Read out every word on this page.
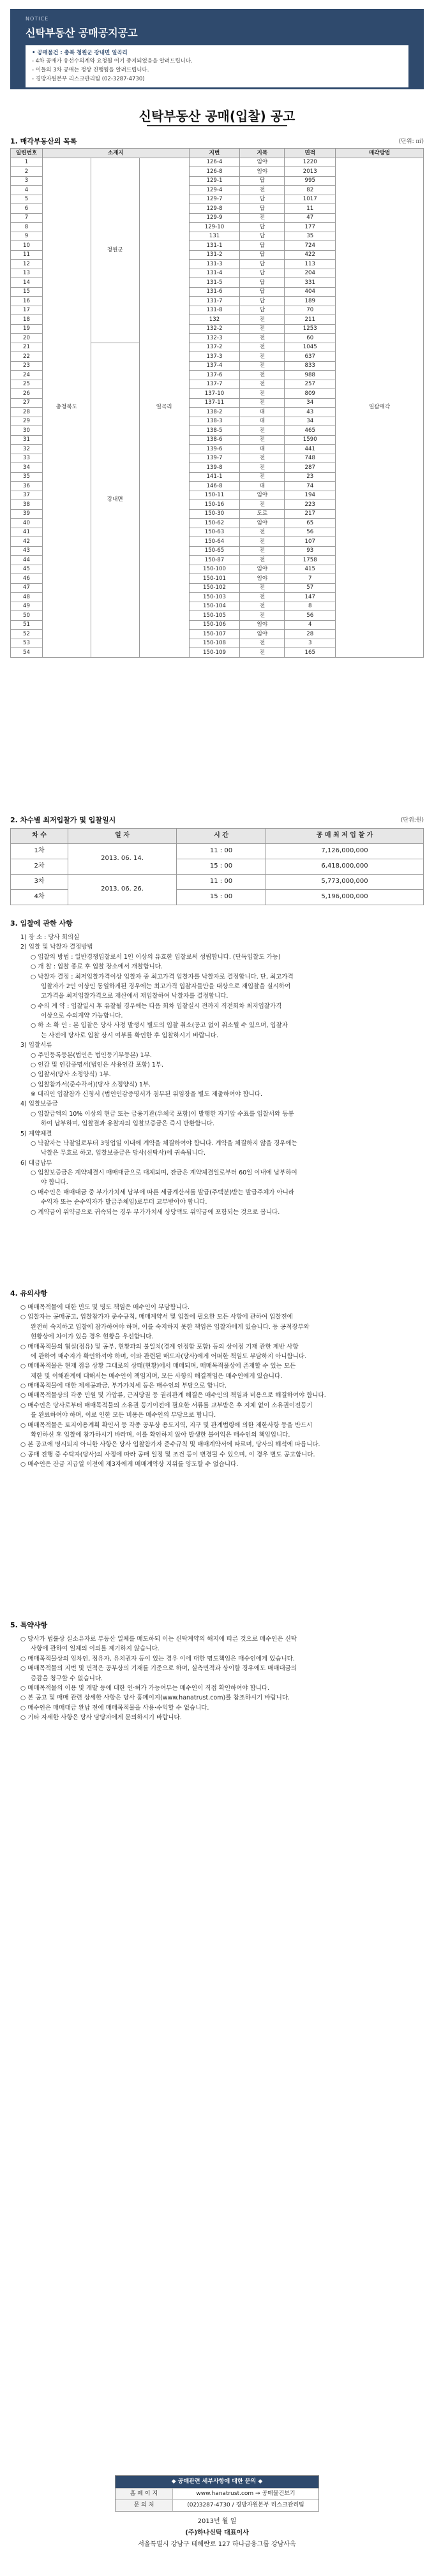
NOTICE
신탁부동산 공매공지공고
• 공매물건 : 충북 청원군 강내면 일곡리
- 4차 공매가 유선수의계약 요청될 여기 중지되었음을 알려드립니다.
- 이들의 3차 공매는 정상 진행됨을 알려드립니다.
- 경방자원본부 리스크관리팀 (02-3287-4730)
신탁부동산 공매(입찰) 공고
1. 매각부동산의 목록	(단위: ㎡)
일련번호	소재지			지번	지목	면적	매각방법
1	충청북도	청원군	일곡리	126-4	임야	1220	일괄매각
2				126-8	임야	2013	
3				129-1	답	995	
4				129-4	전	82	
5				129-7	답	1017	
6				129-8	답	11	
7				129-9	전	47	
8				129-10	답	177	
9				131	답	35	
10				131-1	답	724	
11				131-2	답	422	
12				131-3	답	113	
13				131-4	답	204	
14				131-5	답	331	
15				131-6	답	404	
16				131-7	답	189	
17				131-8	답	70	
18				132	전	211	
19				132-2	전	1253	
20				132-3	전	60	
21		강내면		137-2	전	1045	
22				137-3	전	637	
23				137-4	전	833	
24				137-6	전	988	
25				137-7	전	257	
26				137-10	전	809	
27				137-11	전	34	
28				138-2	대	43	
29				138-3	대	34	
30				138-5	전	465	
31				138-6	전	1590	
32				139-6	대	441	
33				139-7	전	748	
34				139-8	전	287	
35				141-1	전	23	
36				146-8	대	74	
37				150-11	임야	194	
38				150-16	전	223	
39				150-30	도로	217	
40				150-62	임야	65	
41				150-63	전	56	
42				150-64	전	107	
43				150-65	전	93	
44				150-87	전	1758	
45				150-100	임야	415	
46				150-101	임야	7	
47				150-102	전	57	
48				150-103	전	147	
49				150-104	전	8	
50				150-105	전	56	
51				150-106	임야	4	
52				150-107	임야	28	
53				150-108	전	3	
54				150-109	전	165	
2. 차수별 최저입찰가 및 입찰일시	(단위:원)
차 수	일 자	시 간	공 매 최 저 입 찰 가
1차	2013. 06. 14.	11 : 00	7,126,000,000
2차		15 : 00	6,418,000,000
3차	2013. 06. 26.	11 : 00	5,773,000,000
4차		15 : 00	5,196,000,000
3. 입찰에 관한 사항

1) 장 소 : 당사 회의실

2) 입찰 및 낙찰자 결정방법

○ 입찰의 방법 : 일반경쟁입찰로서 1인 이상의 유효한 입찰로써 성립합니다. (단독입찰도 가능)

○ 개 찰 : 입찰 종료 후 입찰 장소에서 개찰합니다.

○ 낙찰자 결정 : 최저입찰가격이상 입찰자 중 최고가격 입찰자를 낙찰자로 결정합니다. 단, 최고가격

입찰자가 2인 이상인 동일하게된 경우에는 최고가격 입찰자들만을 대상으로 재입찰을 실시하여

고가격을 최저입찰가격으로 재산에서 재입찰하여 낙찰자를 결정합니다.

○ 수의 계 약 : 입찰일시 후 유찰될 경우에는 다음 회차 입찰실시 전까지 직전회차 최저입찰가격

이상으로 수의계약 가능합니다.

○ 하 소 확 인 : 본 입찰은 당사 사정 발생시 별도의 입찰 취소(공고 없이 취소될 수 있으며, 입찰자

는 사전에 당사로 입찰 상시 여부를 확인한 후 입찰하시기 바랍니다.

3) 입찰서류

○ 주민등록등본(법인은 법인등기부등본) 1부.

○ 인감 및 인감증명서(법인은 사용인감 포함) 1부.

○ 입찰서(당사 소정양식) 1부.

○ 입찰참가서(준수각서)(당사 소정양식) 1부.

※ 대리인 입찰참가 신청서 (법인인감증명서가 첨부된 위임장을 별도 제출하여야 합니다.

4) 입찰보증금

○ 입찰금액의 10% 이상의 현금 또는 금융기관(우체국 포함)이 발행한 자기앞 수표를 입찰서와 동봉

하여 납부하며, 입찰결과 유찰자의 입찰보증금은 즉시 반환합니다.

5) 계약체결

○ 낙찰자는 낙찰일로부터 3영업일 이내에 계약을 체결하여야 합니다. 계약을 체결하지 않을 경우에는

낙찰은 무효로 하고, 입찰보증금은 당사(신탁사)에 귀속됩니다.

6) 대금납부

○ 입찰보증금은 계약체결시 매매대금으로 대체되며, 잔금은 계약체결일로부터 60일 이내에 납부하여

야 합니다.

○ 매수인은 매매대금 중 부가가치세 납부에 따른 세금계산서를 발급(주택분)받는 발급주체가 아니라

수익자 또는 순수익자가 발급주체임)로부터 교부받아야 합니다.

○ 계약금이 위약금으로 귀속되는 경우 부가가치세 상당액도 위약금에 포함되는 것으로 봅니다.

4. 유의사항

○ 매매목적물에 대한 민도 및 명도 책임은 매수인이 부담합니다.

○ 입찰자는 공매공고, 입찰참가자 준수규칙, 매매계약서 및 입찰에 필요한 모든 사항에 관하여 입찰전에

완전히 숙지하고 입찰에 참가하여야 하며, 이를 숙지하지 못한 책임은 입찰자에게 있습니다. 등 공적장부와

현황상에 차이가 있을 경우 현황을 우선합니다.

○ 매매목적물의 협실(점유) 및 공부, 현황과의 불일치(경계 인정함 포함) 등의 상이점 기재 관한 제반 사항

에 관하여 매수자가 확인하셔야 하며, 이와 관련된 매도자(당사)에게 어떠한 책임도 부담하지 아니합니다.

○ 매매목적물은 현재 점유 상황 그대로의 상태(현황)에서 매매되며, 매매목적물상에 존재할 수 있는 모든

제한 및 이해관계에 대해서는 매수인이 책임지며, 모든 사항의 해결책임은 매수인에게 있습니다.

○ 매매목적물에 대한 제세공과금, 부가가치세 등은 매수인의 부담으로 합니다.

○ 매매목적물상의 각종 민원 및 가압류, 근저당권 등 권리관계 해결은 매수인의 책임과 비용으로 해결하여야 합니다.

○ 매수인은 당사로부터 매매목적물의 소유권 등기이전에 필요한 서류를 교부받은 후 지체 없이 소유권이전등기

를 완료하여야 하며, 이로 인한 모든 비용은 매수인의 부담으로 합니다.

○ 매매목적물은 토지이용계획 확인서 등 각종 공부상 용도지역, 지구 및 관계법령에 의한 제한사항 등을 반드시

확인하신 후 입찰에 참가하시기 바라며, 이를 확인하지 않아 발생한 불이익은 매수인의 책임입니다.

○ 본 공고에 명시되지 아니한 사항은 당사 입찰참가자 준수규칙 및 매매계약서에 따르며, 당사의 해석에 따릅니다.

○ 공매 진행 중 수탁자(당사)의 사정에 따라 공매 일정 및 조건 등이 변경될 수 있으며, 이 경우 별도 공고합니다.

○ 매수인은 잔금 지급일 이전에 제3자에게 매매계약상 지위를 양도할 수 없습니다.

5. 특약사항

○ 당사가 법률상 실소유자로 부동산 일체를 매도하되 이는 신탁계약의 해지에 따른 것으로 매수인은 신탁

사항에 관하여 일체의 이의를 제기하지 않습니다.

○ 매매목적물상의 임차인, 점유자, 유치권자 등이 있는 경우 이에 대한 명도책임은 매수인에게 있습니다.

○ 매매목적물의 지번 및 면적은 공부상의 기재를 기준으로 하며, 실측면적과 상이할 경우에도 매매대금의

증감을 청구할 수 없습니다.

○ 매매목적물의 이용 및 개발 등에 대한 인·허가 가능여부는 매수인이 직접 확인하여야 합니다.

○ 본 공고 및 매매 관련 상세한 사항은 당사 홈페이지(www.hanatrust.com)를 참조하시기 바랍니다.

○ 매수인은 매매대금 완납 전에 매매목적물을 사용·수익할 수 없습니다.

○ 기타 자세한 사항은 당사 담당자에게 문의하시기 바랍니다.

◆ 공매관련 세부사항에 대한 문의 ◆
홈 페 이 지	www.hanatrust.com → 공매물건보기
문 의 처	(02)3287-4730 / 경방자원본부 리스크관리팀
2013년 월 일
(주)하나신탁 대표이사
서울특별시 강남구 테헤란로 127 하나금융그룹 강남사옥
